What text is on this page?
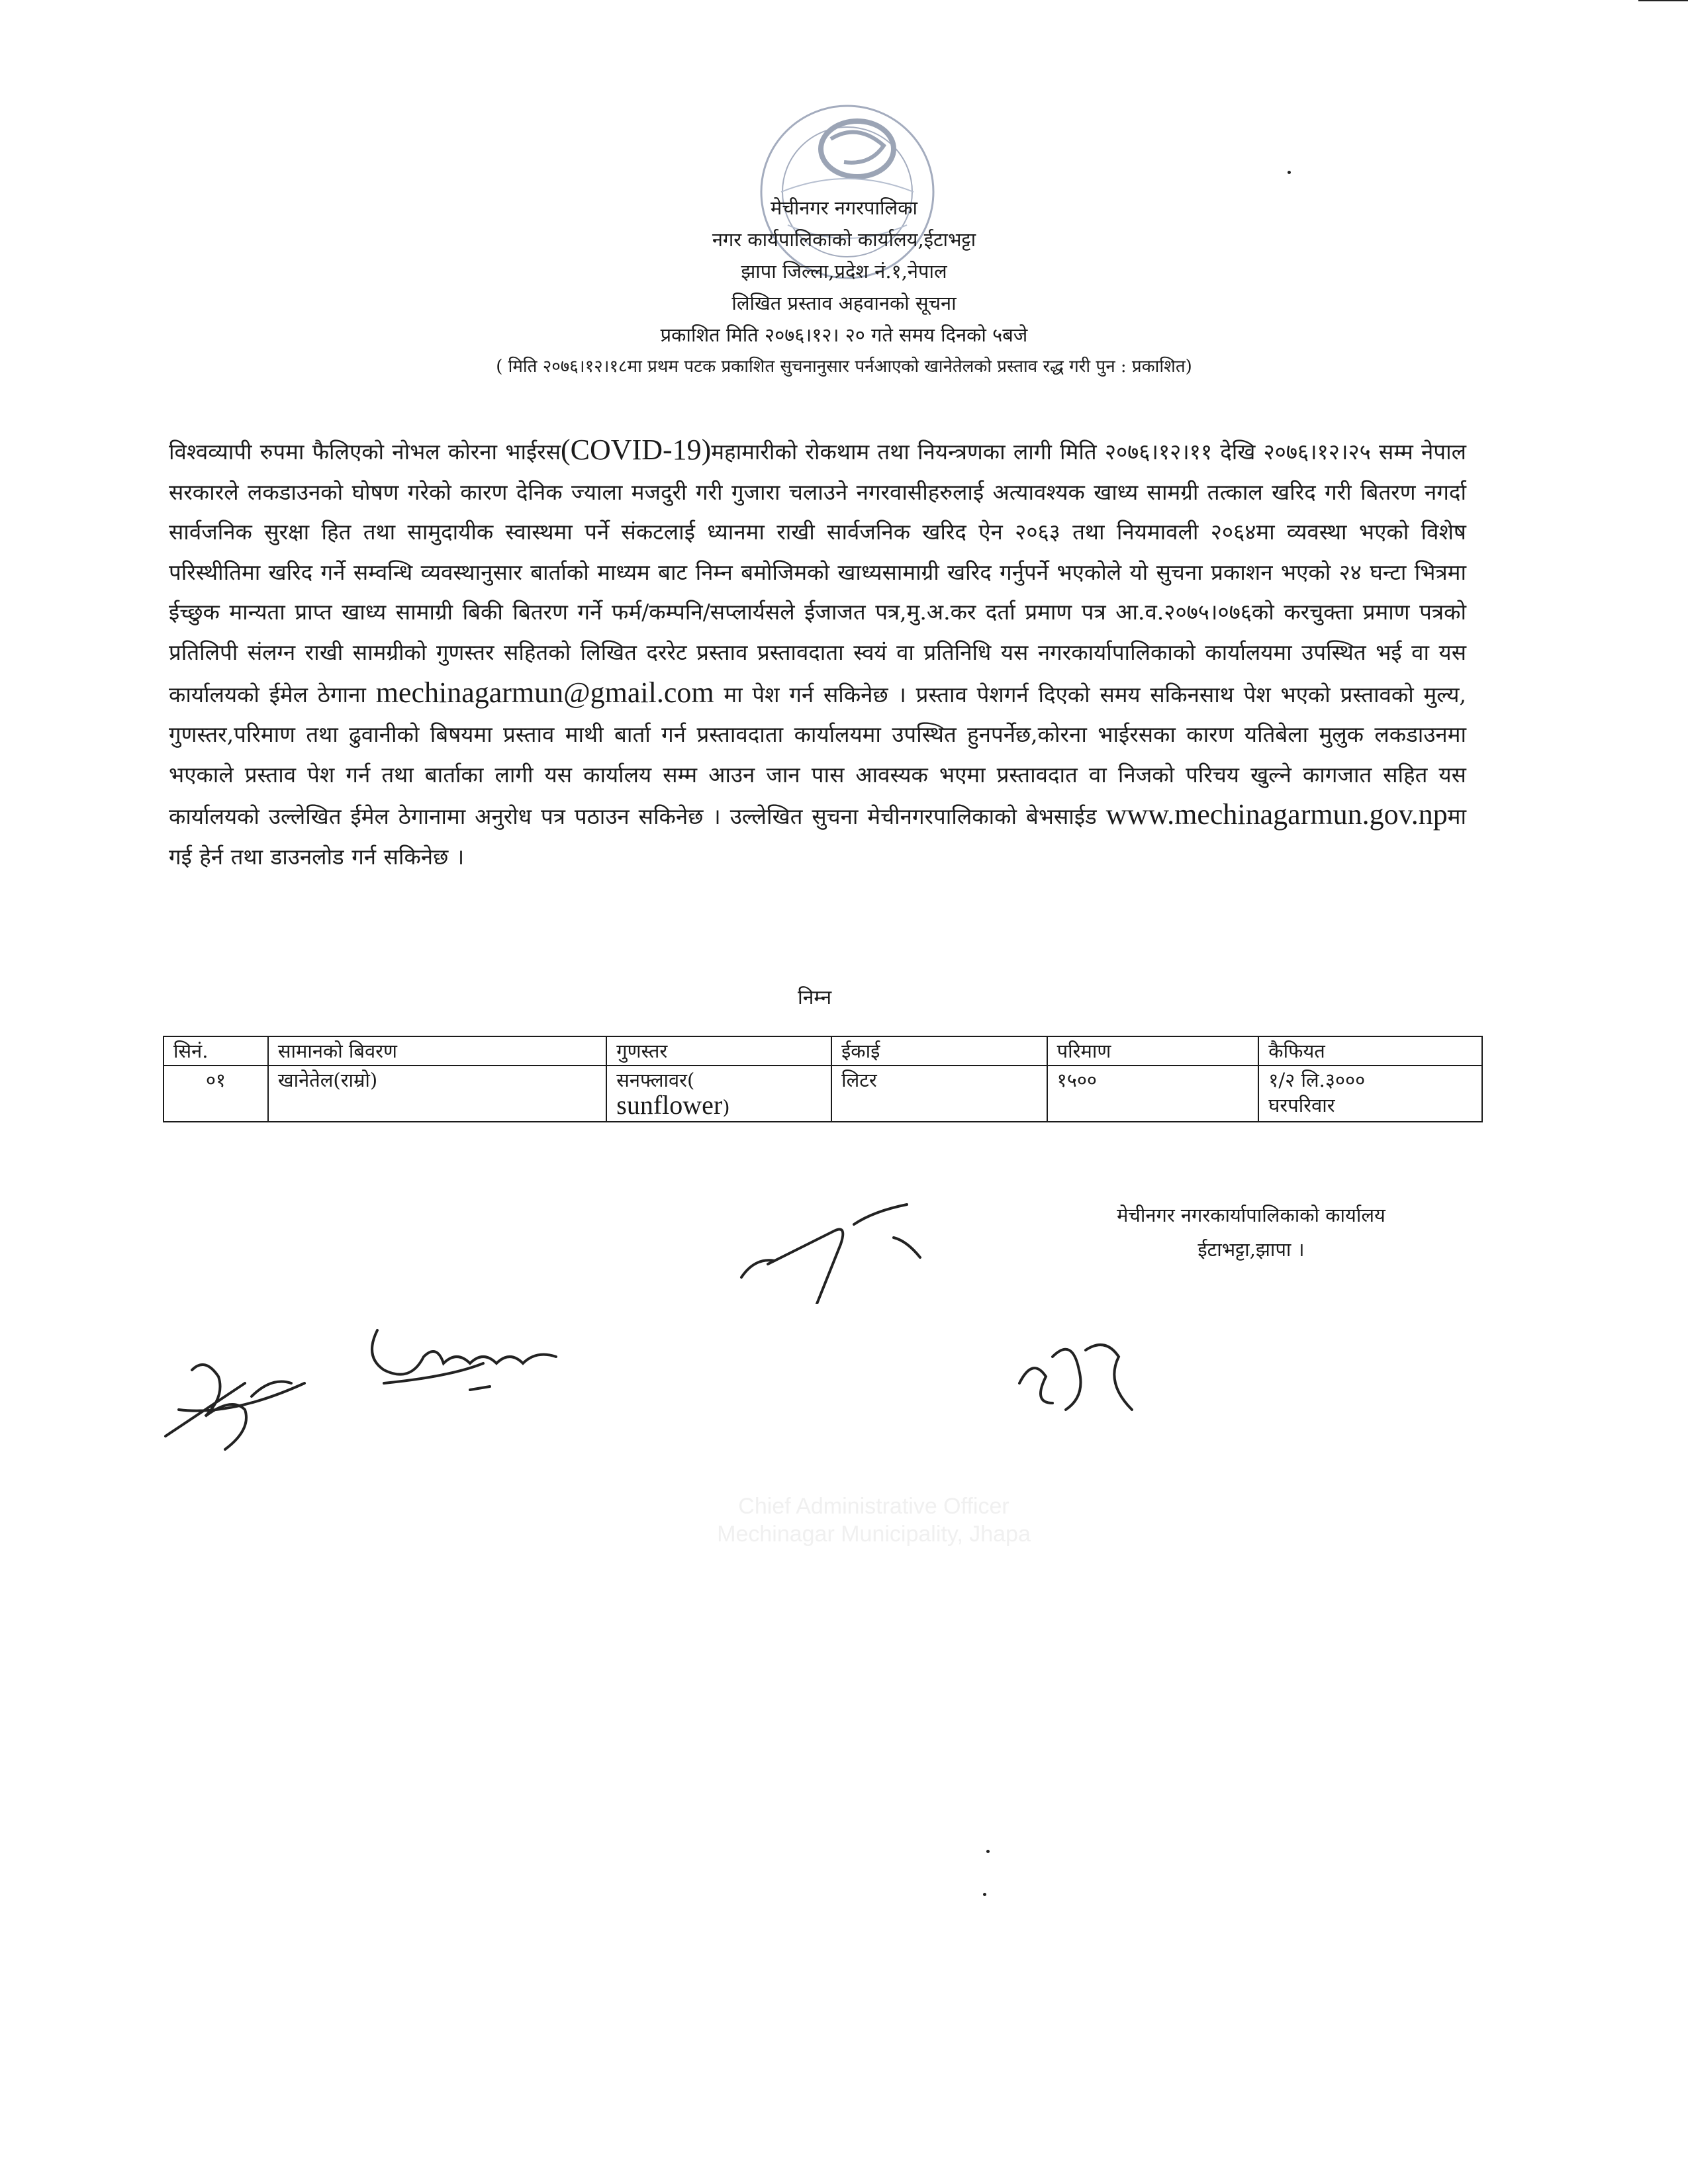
मेचीनगर नगरपालिका
नगर कार्यपालिकाको कार्यालय,ईटाभट्टा
झापा जिल्ला,प्रदेश नं.१,नेपाल
लिखित प्रस्ताव अहवानको सूचना
प्रकाशित मिति २०७६।१२। २० गते समय दिनको ५बजे
( मिति २०७६।१२।१८मा प्रथम पटक प्रकाशित सुचनानुसार पर्नआएको खानेतेलको प्रस्ताव रद्ध गरी पुन : प्रकाशित)
विश्वव्यापी रुपमा फैलिएको नोभल कोरना भाईरस(COVID-19)महामारीको रोकथाम तथा नियन्त्रणका लागी मिति २०७६।१२।११ देखि २०७६।१२।२५ सम्म नेपाल सरकारले लकडाउनको घोषण गरेको कारण देनिक ज्याला मजदुरी गरी गुजारा चलाउने नगरवासीहरुलाई अत्यावश्यक खाध्य सामग्री तत्काल खरिद गरी बितरण नगर्दा सार्वजनिक सुरक्षा हित तथा सामुदायीक स्वास्थमा पर्ने संकटलाई ध्यानमा राखी सार्वजनिक खरिद ऐन २०६३ तथा नियमावली २०६४मा व्यवस्था भएको विशेष परिस्थीतिमा खरिद गर्ने सम्वन्धि व्यवस्थानुसार बार्ताको माध्यम बाट निम्न बमोजिमको खाध्यसामाग्री खरिद गर्नुपर्ने भएकोले यो सुचना प्रकाशन भएको २४ घन्टा भित्रमा ईच्छुक मान्यता प्राप्त खाध्य सामाग्री बिकी बितरण गर्ने फर्म/कम्पनि/सप्लार्यसले ईजाजत पत्र,मु.अ.कर दर्ता प्रमाण पत्र आ.व.२०७५।०७६को करचुक्ता प्रमाण पत्रको प्रतिलिपी संलग्न राखी सामग्रीको गुणस्तर सहितको लिखित दररेट प्रस्ताव प्रस्तावदाता स्वयं वा प्रतिनिधि यस नगरकार्यापालिकाको कार्यालयमा उपस्थित भई वा यस कार्यालयको ईमेल ठेगाना mechinagarmun@gmail.com मा पेश गर्न सकिनेछ । प्रस्ताव पेशगर्न दिएको समय सकिनसाथ पेश भएको प्रस्तावको मुल्य, गुणस्तर,परिमाण तथा ढुवानीको बिषयमा प्रस्ताव माथी बार्ता गर्न प्रस्तावदाता कार्यालयमा उपस्थित हुनपर्नेछ,कोरना भाईरसका कारण यतिबेला मुलुक लकडाउनमा भएकाले प्रस्ताव पेश गर्न तथा बार्ताका लागी यस कार्यालय सम्म आउन जान पास आवस्यक भएमा प्रस्तावदात वा निजको परिचय खुल्ने कागजात सहित यस कार्यालयको उल्लेखित ईमेल ठेगानामा अनुरोध पत्र पठाउन सकिनेछ । उल्लेखित सुचना मेचीनगरपालिकाको बेभसाईड www.mechinagarmun.gov.npमा गई हेर्न तथा डाउनलोड गर्न सकिनेछ ।
निम्न
सिनं.	सामानको बिवरण	गुणस्तर	ईकाई	परिमाण	कैफियत
०१	खानेतेल(राम्रो)	सनफ्लावर(
sunflower)	लिटर	१५००	१/२ लि.३०००
घरपरिवार
मेचीनगर नगरकार्यापालिकाको कार्यालय
ईटाभट्टा,झापा ।
Chief Administrative Officer
Mechinagar Municipality, Jhapa
